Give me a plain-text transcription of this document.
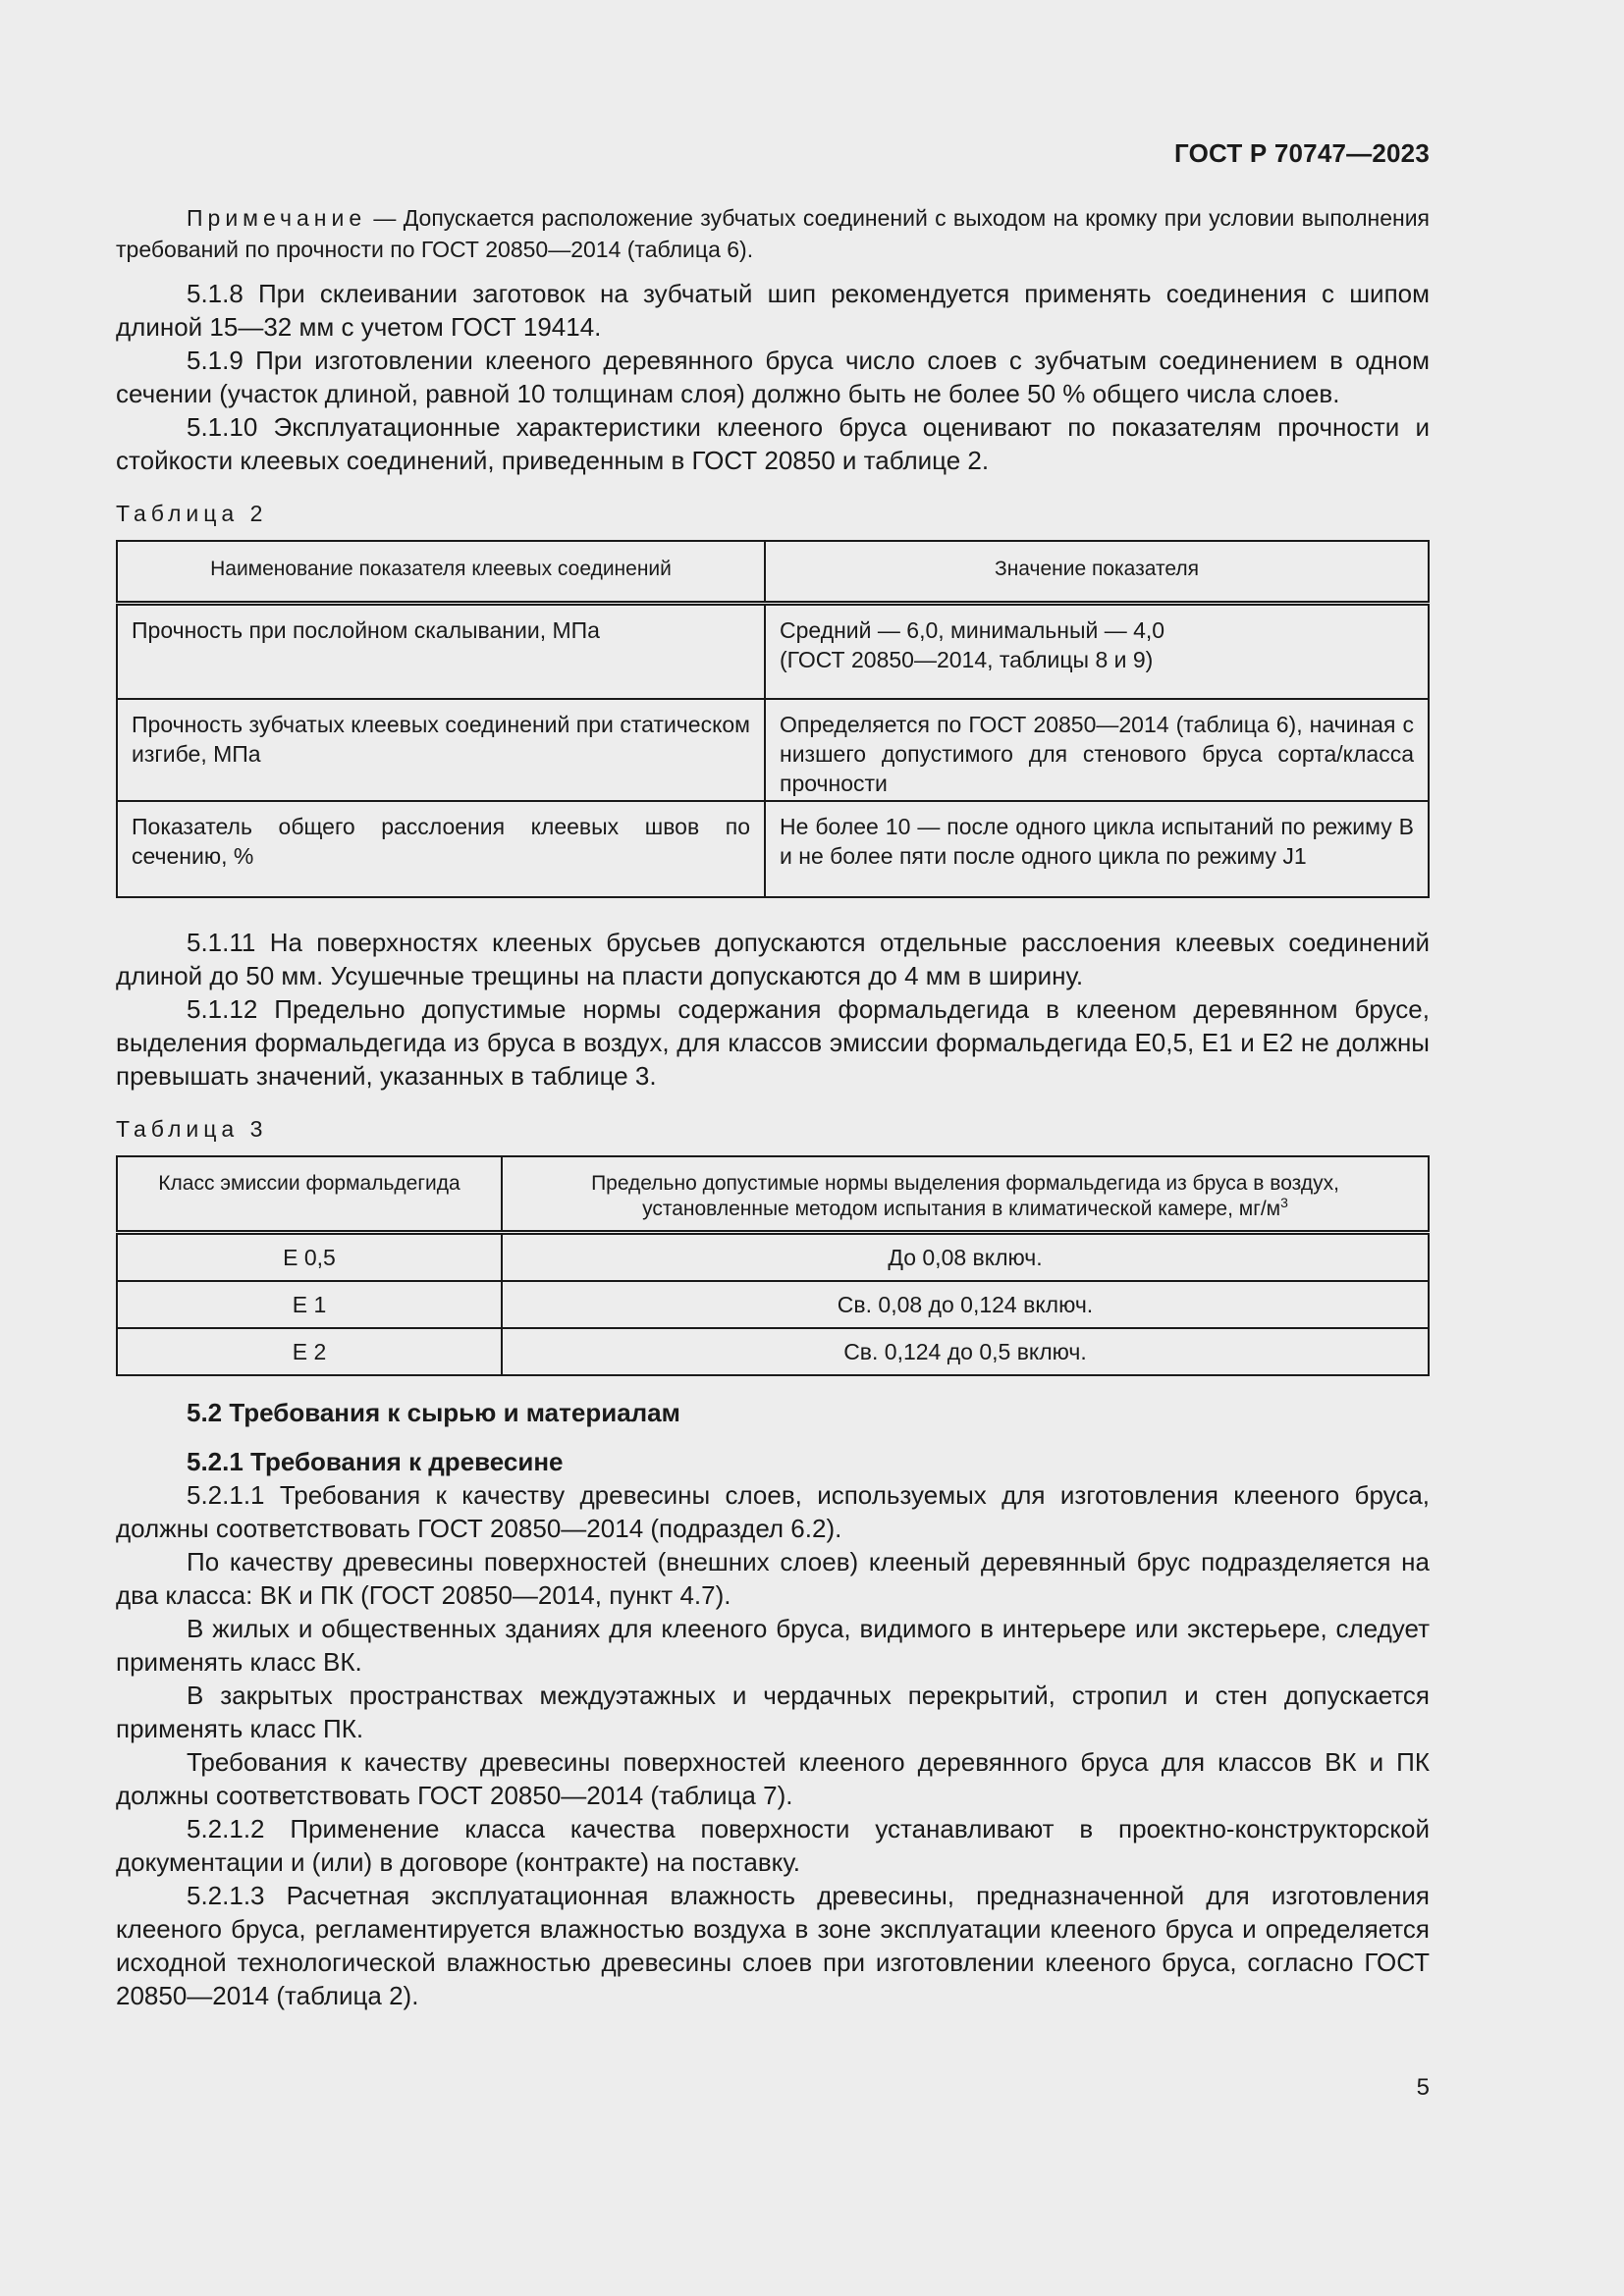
ГОСТ Р 70747—2023
Примечание — Допускается расположение зубчатых соединений с выходом на кромку при условии выполнения требований по прочности по ГОСТ 20850—2014 (таблица 6).

5.1.8 При склеивании заготовок на зубчатый шип рекомендуется применять соединения с шипом длиной 15—32 мм с учетом ГОСТ 19414.

5.1.9 При изготовлении клееного деревянного бруса число слоев с зубчатым соединением в одном сечении (участок длиной, равной 10 толщинам слоя) должно быть не более 50 % общего числа слоев.

5.1.10 Эксплуатационные характеристики клееного бруса оценивают по показателям прочности и стойкости клеевых соединений, приведенным в ГОСТ 20850 и таблице 2.

Таблица 2
Наименование показателя клеевых соединений	Значение показателя
Прочность при послойном скалывании, МПа	Средний — 6,0, минимальный — 4,0
(ГОСТ 20850—2014, таблицы 8 и 9)
Прочность зубчатых клеевых соединений при статическом изгибе, МПа	Определяется по ГОСТ 20850—2014 (таблица 6), начиная с низшего допустимого для стенового бруса сорта/класса прочности
Показатель общего расслоения клеевых швов по сечению, %	Не более 10 — после одного цикла испытаний по режиму В и не более пяти после одного цикла по режиму J1

5.1.11 На поверхностях клееных брусьев допускаются отдельные расслоения клеевых соединений длиной до 50 мм. Усушечные трещины на пласти допускаются до 4 мм в ширину.

5.1.12 Предельно допустимые нормы содержания формальдегида в клееном деревянном брусе, выделения формальдегида из бруса в воздух, для классов эмиссии формальдегида Е0,5, Е1 и Е2 не должны превышать значений, указанных в таблице 3.

Таблица 3
Класс эмиссии формальдегида	Предельно допустимые нормы выделения формальдегида из бруса в воздух,
установленные методом испытания в климатической камере, $мг/м^3$
Е 0,5	До 0,08 включ.
Е 1	Св. 0,08 до 0,124 включ.
Е 2	Св. 0,124 до 0,5 включ.
5.2 Требования к сырью и материалам
5.2.1 Требования к древесине

5.2.1.1 Требования к качеству древесины слоев, используемых для изготовления клееного бруса, должны соответствовать ГОСТ 20850—2014 (подраздел 6.2).

По качеству древесины поверхностей (внешних слоев) клееный деревянный брус подразделяется на два класса: ВК и ПК (ГОСТ 20850—2014, пункт 4.7).

В жилых и общественных зданиях для клееного бруса, видимого в интерьере или экстерьере, следует применять класс ВК.

В закрытых пространствах междуэтажных и чердачных перекрытий, стропил и стен допускается применять класс ПК.

Требования к качеству древесины поверхностей клееного деревянного бруса для классов ВК и ПК должны соответствовать ГОСТ 20850—2014 (таблица 7).

5.2.1.2 Применение класса качества поверхности устанавливают в проектно-конструкторской документации и (или) в договоре (контракте) на поставку.

5.2.1.3 Расчетная эксплуатационная влажность древесины, предназначенной для изготовления клееного бруса, регламентируется влажностью воздуха в зоне эксплуатации клееного бруса и определяется исходной технологической влажностью древесины слоев при изготовлении клееного бруса, согласно ГОСТ 20850—2014 (таблица 2).

5
